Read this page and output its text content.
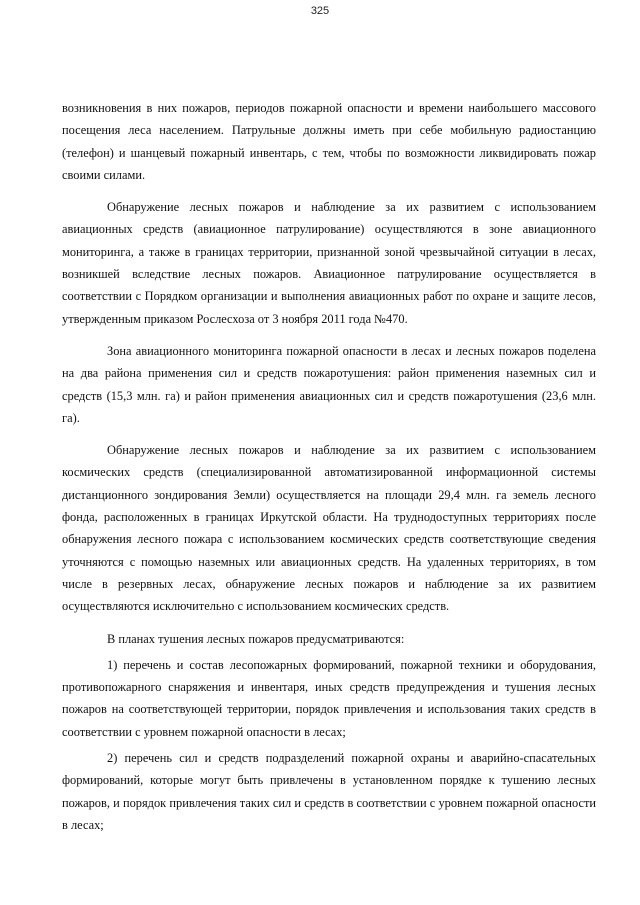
325

возникновения в них пожаров, периодов пожарной опасности и времени наибольшего массового посещения леса населением. Патрульные должны иметь при себе мобильную радиостанцию (телефон) и шанцевый пожарный инвентарь, с тем, чтобы по возможности ликвидировать пожар своими силами.

Обнаружение лесных пожаров и наблюдение за их развитием с использованием авиационных средств (авиационное патрулирование) осуществляются в зоне авиационного мониторинга, а также в границах территории, признанной зоной чрезвычайной ситуации в лесах, возникшей вследствие лесных пожаров. Авиационное патрулирование осуществляется в соответствии с Порядком организации и выполнения авиационных работ по охране и защите лесов, утвержденным приказом Рослесхоза от 3 ноября 2011 года №470.

Зона авиационного мониторинга пожарной опасности в лесах и лесных пожаров поделена на два района применения сил и средств пожаротушения: район применения наземных сил и средств (15,3 млн. га) и район применения авиационных сил и средств пожаротушения (23,6 млн. га).

Обнаружение лесных пожаров и наблюдение за их развитием с использованием космических средств (специализированной автоматизированной информационной системы дистанционного зондирования Земли) осуществляется на площади 29,4 млн. га земель лесного фонда, расположенных в границах Иркутской области. На труднодоступных территориях после обнаружения лесного пожара с использованием космических средств соответствующие сведения уточняются с помощью наземных или авиационных средств. На удаленных территориях, в том числе в резервных лесах, обнаружение лесных пожаров и наблюдение за их развитием осуществляются исключительно с использованием космических средств.

В планах тушения лесных пожаров предусматриваются:

1) перечень и состав лесопожарных формирований, пожарной техники и оборудования, противопожарного снаряжения и инвентаря, иных средств предупреждения и тушения лесных пожаров на соответствующей территории, порядок привлечения и использования таких средств в соответствии с уровнем пожарной опасности в лесах;

2) перечень сил и средств подразделений пожарной охраны и аварийно-спасательных формирований, которые могут быть привлечены в установленном порядке к тушению лесных пожаров, и порядок привлечения таких сил и средств в соответствии с уровнем пожарной опасности в лесах;
